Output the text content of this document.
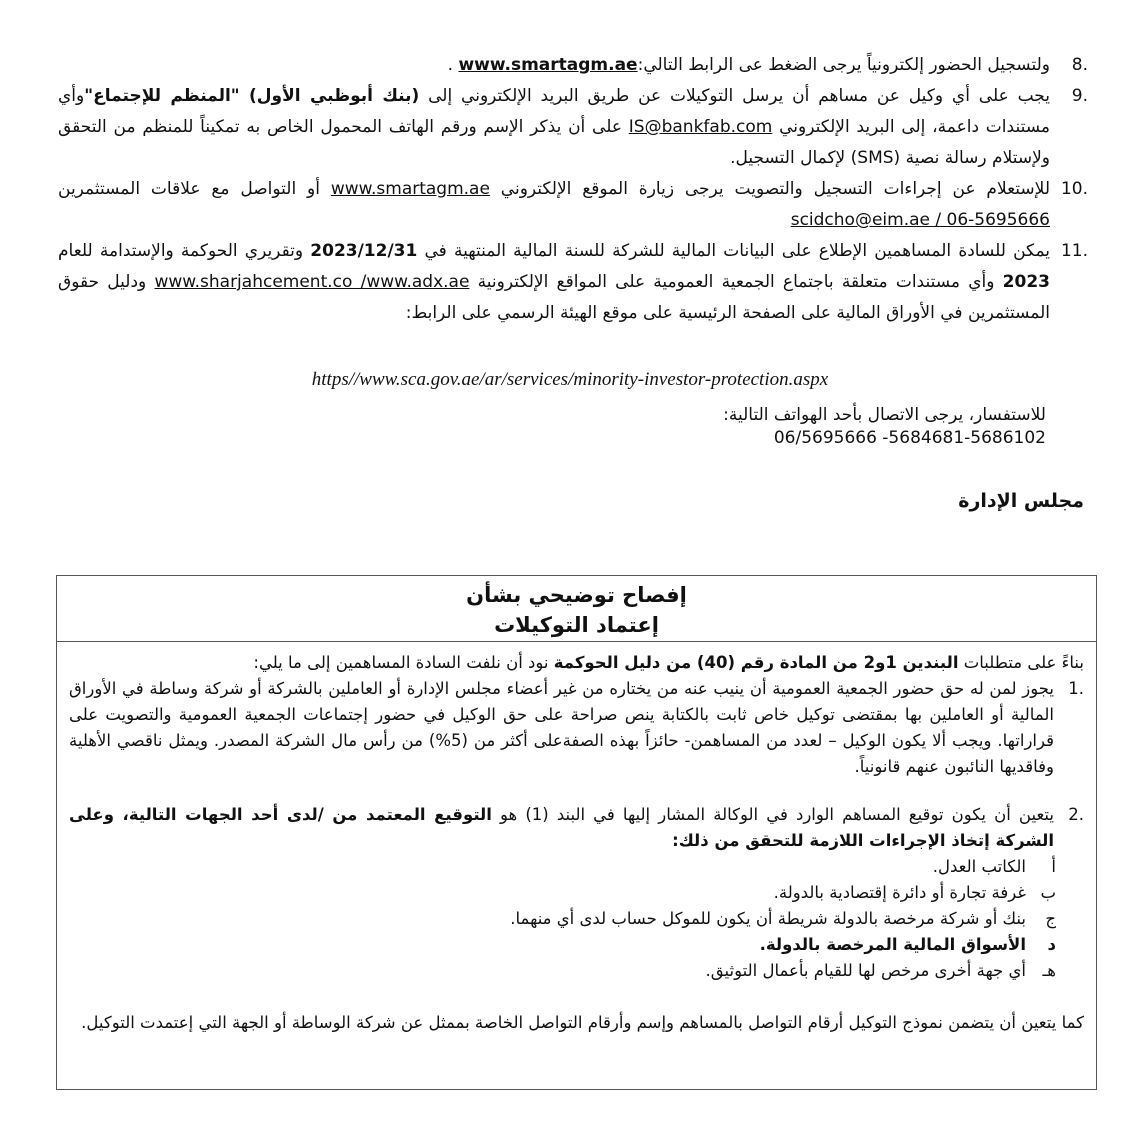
8.
ولتسجيل الحضور إلكترونياً يرجى الضغط عى الرابط التالي:www.smartagm.ae .
9.
يجب على أي وكيل عن مساهم أن يرسل التوكيلات عن طريق البريد الإلكتروني إلى (بنك أبوظبي الأول) "المنظم للإجتماع"وأي مستندات داعمة، إلى البريد الإلكتروني IS@bankfab.com على أن يذكر الإسم ورقم الهاتف المحمول الخاص به تمكيناً للمنظم من التحقق ولإستلام رسالة نصية (SMS) لإكمال التسجيل.
10.
للإستعلام عن إجراءات التسجيل والتصويت يرجى زيارة الموقع الإلكتروني www.smartagm.ae أو التواصل مع علاقات المستثمرين scidcho@eim.ae / 06-5695666
11.
يمكن للسادة المساهمين الإطلاع على البيانات المالية للشركة للسنة المالية المنتهية في 2023/12/31 وتقريري الحوكمة والإستدامة للعام 2023 وأي مستندات متعلقة باجتماع الجمعية العمومية على المواقع الإلكترونية www.sharjahcement.co /www.adx.ae ودليل حقوق المستثمرين في الأوراق المالية على الصفحة الرئيسية على موقع الهيئة الرسمي على الرابط:
https//www.sca.gov.ae/ar/services/minority-investor-protection.aspx
للاستفسار، يرجى الاتصال بأحد الهواتف التالية:
06/5695666 -5684681-5686102
مجلس الإدارة
إفصاح توضيحي بشأن
إعتماد التوكيلات

بناءً على متطلبات البندين 1و2 من المادة رقم (40) من دليل الحوكمة نود أن نلفت السادة المساهمين إلى ما يلي:

1.
يجوز لمن له حق حضور الجمعية العمومية أن ينيب عنه من يختاره من غير أعضاء مجلس الإدارة أو العاملين بالشركة أو شركة وساطة في الأوراق المالية أو العاملين بها بمقتضى توكيل خاص ثابت بالكتابة ينص صراحة على حق الوكيل في حضور إجتماعات الجمعية العمومية والتصويت على قراراتها. ويجب ألا يكون الوكيل – لعدد من المساهمن- حائزاً بهذه الصفةعلى أكثر من (5%) من رأس مال الشركة المصدر. ويمثل ناقصي الأهلية وفاقديها النائبون عنهم قانونياً.
2.
يتعين أن يكون توقيع المساهم الوارد في الوكالة المشار إليها في البند (1) هو التوقيع المعتمد من /لدى أحد الجهات التالية، وعلى الشركة إتخاذ الإجراءات اللازمة للتحقق من ذلك:
أ
الكاتب العدل.
ب
غرفة تجارة أو دائرة إقتصادية بالدولة.
ج
بنك أو شركة مرخصة بالدولة شريطة أن يكون للموكل حساب لدى أي منهما.
د
الأسواق المالية المرخصة بالدولة.
هـ
أي جهة أخرى مرخص لها للقيام بأعمال التوثيق.

كما يتعين أن يتضمن نموذج التوكيل أرقام التواصل بالمساهم وإسم وأرقام التواصل الخاصة بممثل عن شركة الوساطة أو الجهة التي إعتمدت التوكيل.
